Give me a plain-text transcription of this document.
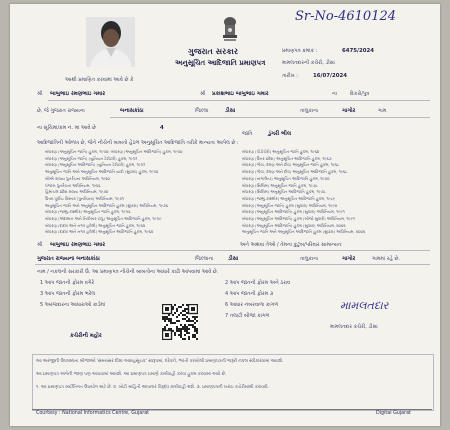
Sr-No-4610124
ગુજરાત સરકાર
અનુસૂચિત આદિજાતિ પ્રમાણપત્ર
પ્રમાણપત્ર ક્રમાંક :	6475/2024
મામલતદારની કચેરી, ડીસા
તારીખ :	16/07/2024
આથી પ્રમાણિત કરવામાં આવે છે કે
શ્રી બાબુભાઇ રમણભાઇ ગમાર	શ્રી પ્રકાશભાઇ બાબુભાઇ ગમાર	ના	દિકરો/પુત્ર
છે, જે ગુજરાત રાજ્યના	બનાસકાંઠા	જિલ્લા	ડીસા	તાલુકાના	ગાગોર	ગામ
ના સૂચિમાં/ક્રમ નં. માં આવે છે	4
જાતિ	ડુંગરી ભીલ
આદિજાતિની ઓળખ છે, જેને નીચેની બાબતો હેઠળ અનુસૂચિત આદિજાતિ તરીકે માન્યતા આપેલ છે :
બંધારણ (અનુસૂચિત જાતિ) હુકમ, ૧૯૫૦; બંધારણ (અનુસૂચિત આદિજાતિ) હુકમ, ૧૯૫૦
બંધારણ (અનુસૂચિત જાતિ) (યુનિયન ટેરીટરી) હુકમ, ૧૯૫૧
બંધારણ (અનુસૂચિત આદિજાતિ) (યુનિયન ટેરીટરી) હુકમ, ૧૯૫૧
અનુસૂચિત જાતિ અને અનુસૂચિત આદિજાતિ યાદી (સુધારા) હુકમ, ૧૯૫૬
બોમ્બે રાજ્ય પુનર્રચના અધિનિયમ, ૧૯૬૦
પંજાબ પુનર્રચના અધિનિયમ, ૧૯૬૬
હિમાચલ પ્રદેશ રાજ્ય અધિનિયમ, ૧૯૭૦
ઉત્તર-પૂર્વીય વિસ્તાર (પુનર્રચના) અધિનિયમ, ૧૯૭૧
અનુસૂચિત જાતિ અને અનુસૂચિત આદિજાતિ હુકમ (સુધારા) અધિનિયમ, ૧૯૭૬
બંધારણ (જમ્મુ-કાશ્મીર) અનુસૂચિત જાતિ હુકમ, ૧૯૫૬
બંધારણ (અંદામાન અને નિકોબાર ટાપુ) અનુસૂચિત આદિજાતિ હુકમ, ૧૯૫૯
બંધારણ (દાદરા અને નગર હવેલી) અનુસૂચિત જાતિ હુકમ, ૧૯૬૨
બંધારણ (દાદરા અને નગર હવેલી) અનુસૂચિત આદિજાતિ હુકમ, ૧૯૬૨
બંધારણ (પોંડીચેરી) અનુસૂચિત જાતિ હુકમ, ૧૯૬૪
બંધારણ (ઉત્તર પ્રદેશ) અનુસૂચિત આદિજાતિ હુકમ, ૧૯૬૭
બંધારણ (ગોવા, દમણ અને દીવ) અનુસૂચિત જાતિ હુકમ, ૧૯૬૮
બંધારણ (ગોવા, દમણ અને દીવ) અનુસૂચિત આદિજાતિ હુકમ, ૧૯૬૮
બંધારણ (નાગાલેન્ડ) અનુસૂચિત આદિજાતિ હુકમ, ૧૯૭૦
બંધારણ (સિક્કિમ) અનુસૂચિત જાતિ હુકમ, ૧૯૭૮
બંધારણ (સિક્કિમ) અનુસૂચિત આદિજાતિ હુકમ, ૧૯૭૮
બંધારણ (જમ્મુ-કાશ્મીર) અનુસૂચિત આદિજાતિ હુકમ, ૧૯૮૯
બંધારણ (અનુસૂચિત જાતિ) હુકમ (સુધારા) અધિનિયમ, ૧૯૯૦
બંધારણ (અનુસૂચિત આદિજાતિ) હુકમ (સુધારા) અધિનિયમ, ૧૯૯૧
બંધારણ (અનુસૂચિત આદિજાતિ) હુકમ (બીજો સુધારો) અધિનિયમ, ૧૯૯૧
બંધારણ (અનુસૂચિત આદિજાતિ) હુકમ (સુધારા) અધિનિયમ, ૨૦૦૨
અનુસૂચિત જાતિ અને અનુસૂચિત આદિજાતિ હુકમ (સુધારા) અધિનિયમ, ૨૦૦૨
શ્રી બાબુભાઇ રમણભાઇ ગમાર	અને અથવા તેઓ / તેમના કુટુંબ/પરિવાર સામાન્યતઃ
ગુજરાત રાજ્યના બનાસકાંઠા	જિલ્લાના	ડીસા	તાલુકાના	ગાગોર	ગામમાં રહે છે.
નામ / નકલની સરકારી ઉ. આ પ્રમાણપત્ર નીચેની બાબતોના આધારે કાઢી આપવામાં આવે છે.
1 આપ જાતની ફોરમ વગેરે	2 આપ જાતની ફોરમ અને ઠરાવ
3 આપ જાતની ફોરમ ભરેલ	4 આપ જાતની ફોરમ ૩
5 અરજદારના આધારાઓ કાર્ડમાં	6 આધાર નંબરવાળા કાગળ
7 તલાટી બીજા કાગળ
કચેરીની મહોર
મામલતદાર
મામલતદાર કચેરી, ડીસા
આ અરજીની ઉપલબ્ધતા બીજાઓ 'સમયસર દીક્ષા આગ્રહસૂચક' સ્વરૂપમાં, દરેકને, ભરતી કરાયેલી પ્રમાણપત્રની જરૂરી નકલ સ્વીકારવામાં આવશે.
આ પ્રમાણપત્ર અંગેની જાણ પણ આપવામાં આવશે. આ પ્રમાણપત્ર પ્રમાણે કાર્યવાહી કરવા હુકમ કરવામાં આવે છે.
૧. આ પ્રમાણપત્ર વ્યક્તિગત ઉપયોગ માટે છે. ૨. ખોટી માહિતી આપનાર વિરૂદ્ધ કાર્યવાહી થશે. ૩. પ્રમાણપત્રની ખરાઇ કચેરીમાંથી કરાવવી.
Courtesy : National Informatics Centre, Gujarat	Digital Gujarat
